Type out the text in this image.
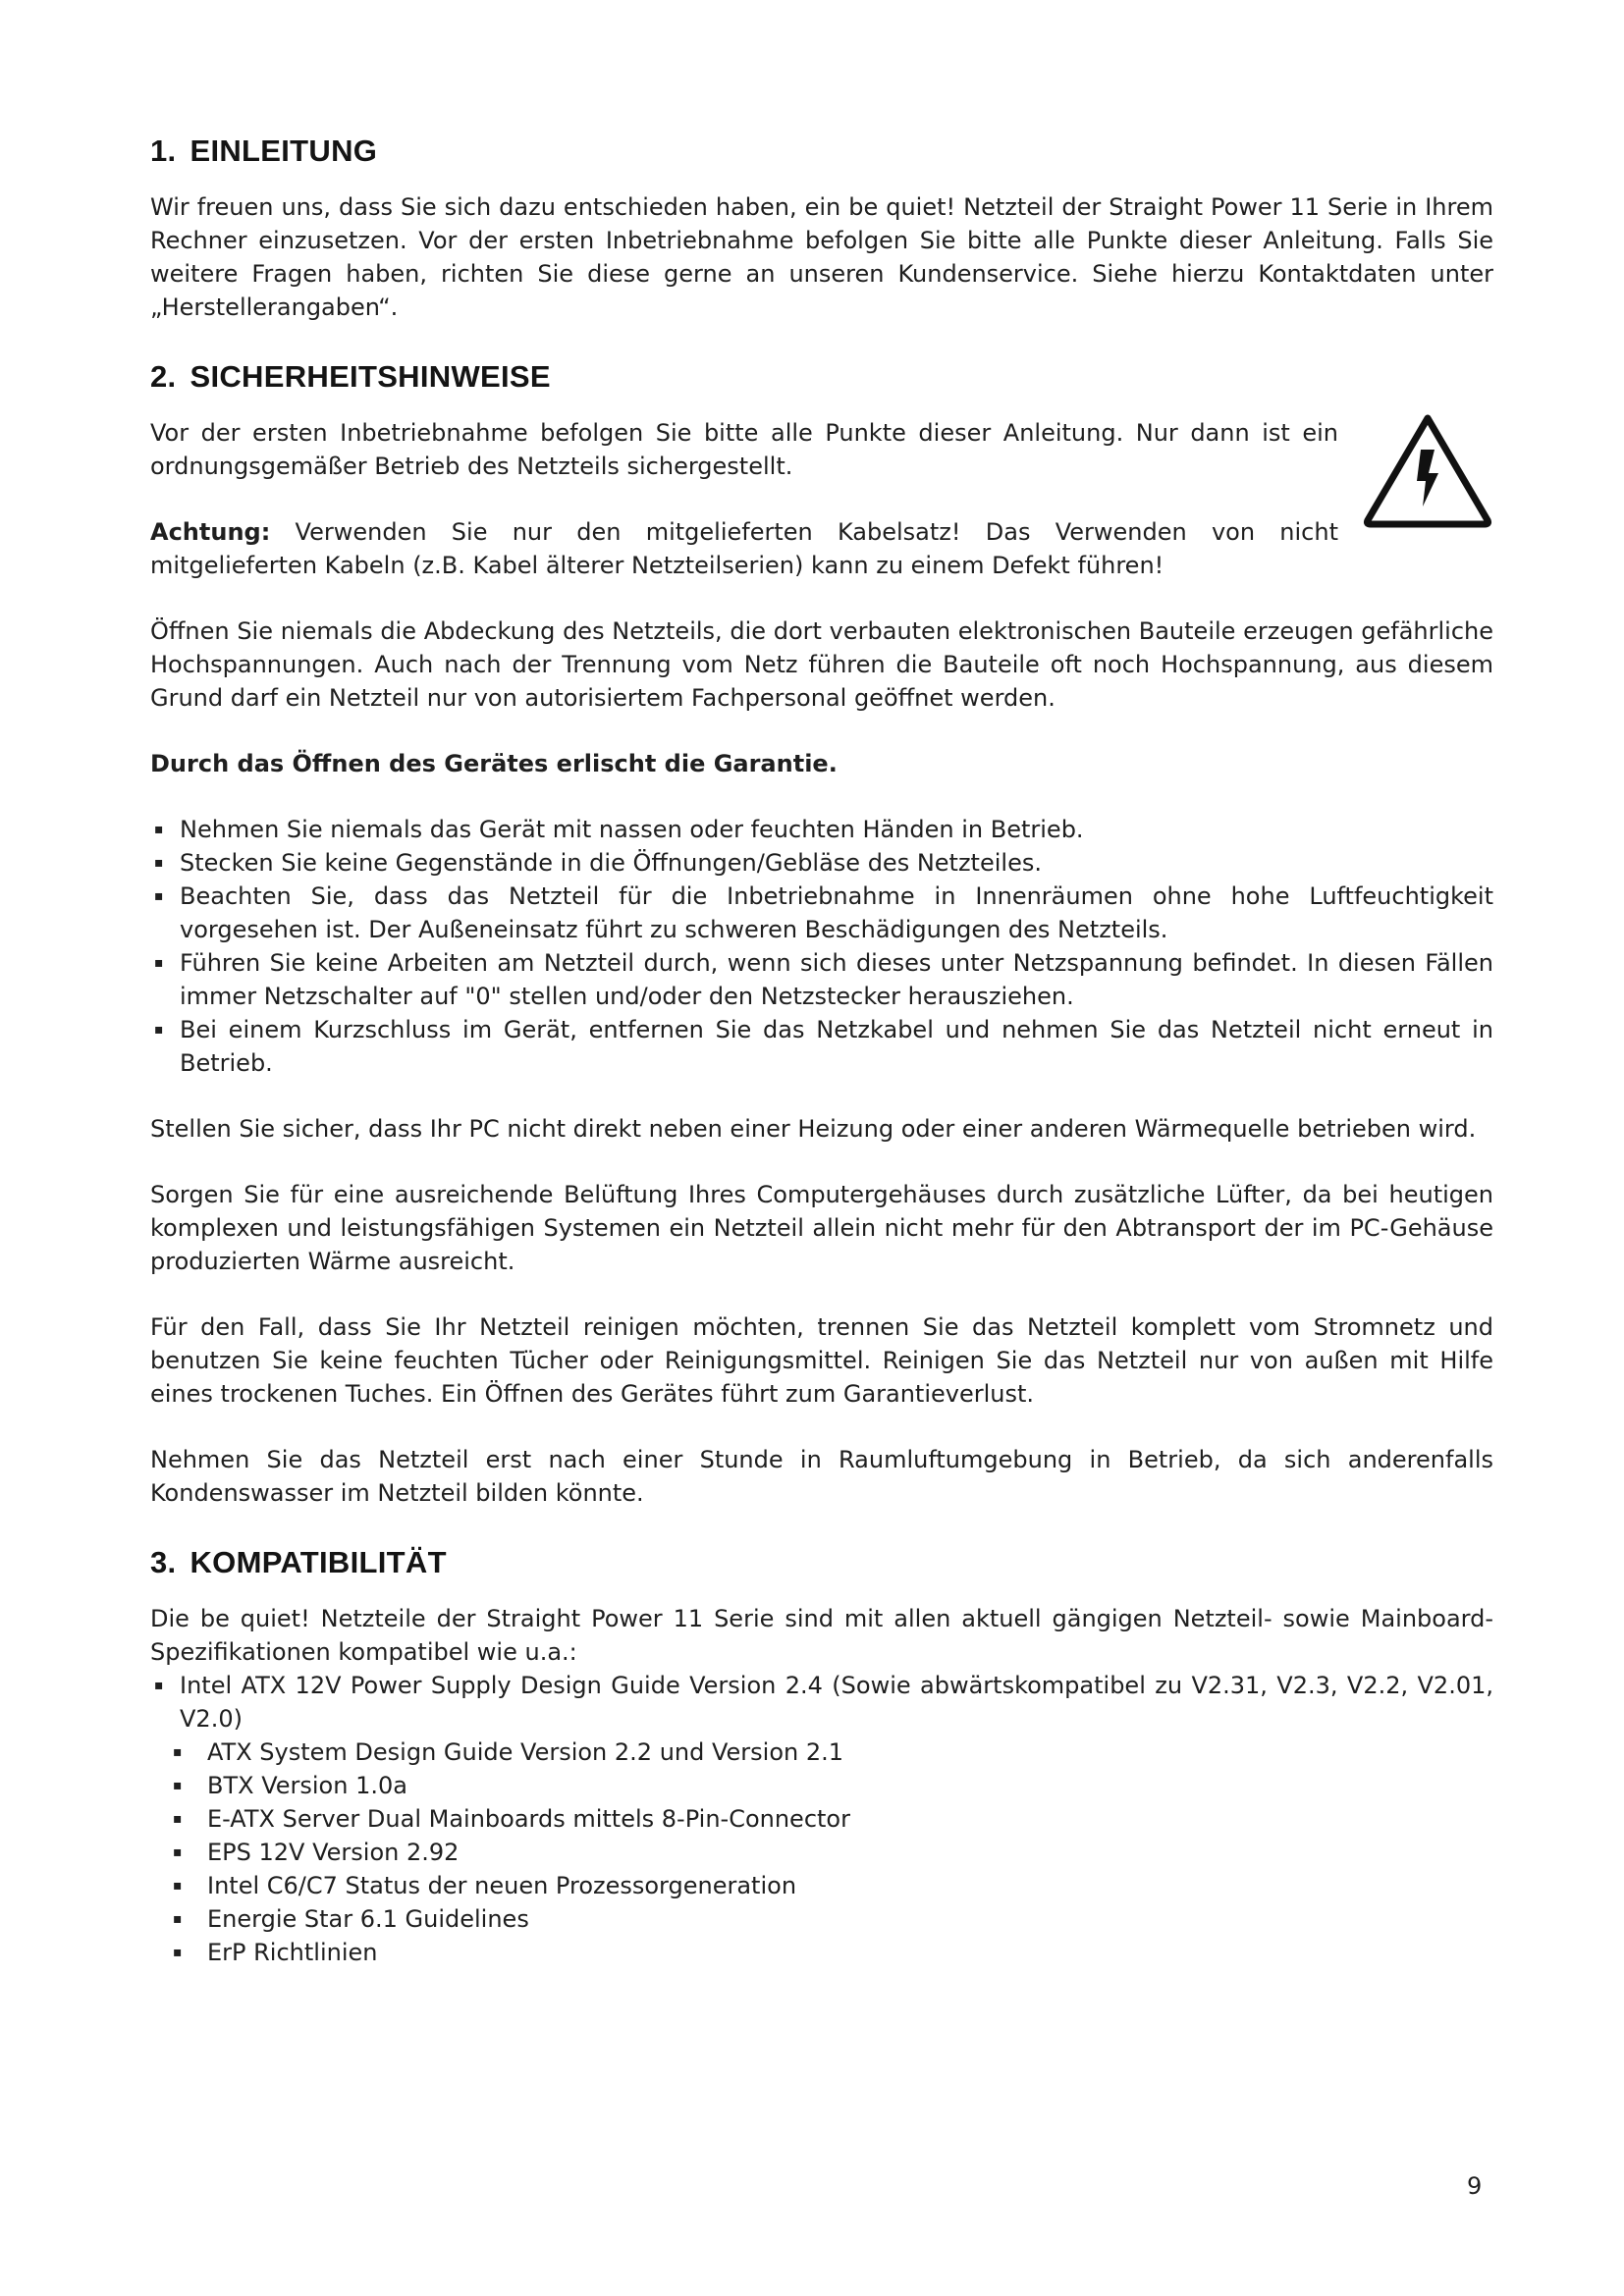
1. EINLEITUNG

Wir freuen uns, dass Sie sich dazu entschieden haben, ein be quiet! Netzteil der Straight Power 11 Serie in Ihrem Rechner einzusetzen. Vor der ersten Inbetriebnahme befolgen Sie bitte alle Punkte dieser Anleitung. Falls Sie weitere Fragen haben, richten Sie diese gerne an unseren Kundenservice. Siehe hierzu Kontaktdaten unter „Herstellerangaben“.

2. SICHERHEITSHINWEISE

Vor der ersten Inbetriebnahme befolgen Sie bitte alle Punkte dieser Anleitung. Nur dann ist ein ordnungsgemäßer Betrieb des Netzteils sichergestellt.

Achtung: Verwenden Sie nur den mitgelieferten Kabelsatz! Das Verwenden von nicht mitgelieferten Kabeln (z.B. Kabel älterer Netzteilserien) kann zu einem Defekt führen!

Öffnen Sie niemals die Abdeckung des Netzteils, die dort verbauten elektronischen Bauteile erzeugen gefährliche Hochspannungen. Auch nach der Trennung vom Netz führen die Bauteile oft noch Hochspannung, aus diesem Grund darf ein Netzteil nur von autorisiertem Fachpersonal geöffnet werden.

Durch das Öffnen des Gerätes erlischt die Garantie.

▪ Nehmen Sie niemals das Gerät mit nassen oder feuchten Händen in Betrieb.
▪ Stecken Sie keine Gegenstände in die Öffnungen/Gebläse des Netzteiles.
▪ Beachten Sie, dass das Netzteil für die Inbetriebnahme in Innenräumen ohne hohe Luftfeuchtigkeit vorgesehen ist. Der Außeneinsatz führt zu schweren Beschädigungen des Netzteils.
▪ Führen Sie keine Arbeiten am Netzteil durch, wenn sich dieses unter Netzspannung befindet. In diesen Fällen immer Netzschalter auf "0" stellen und/oder den Netzstecker herausziehen.
▪ Bei einem Kurzschluss im Gerät, entfernen Sie das Netzkabel und nehmen Sie das Netzteil nicht erneut in Betrieb.

Stellen Sie sicher, dass Ihr PC nicht direkt neben einer Heizung oder einer anderen Wärmequelle betrieben wird.

Sorgen Sie für eine ausreichende Belüftung Ihres Computergehäuses durch zusätzliche Lüfter, da bei heutigen komplexen und leistungsfähigen Systemen ein Netzteil allein nicht mehr für den Abtransport der im PC-Gehäuse produzierten Wärme ausreicht.

Für den Fall, dass Sie Ihr Netzteil reinigen möchten, trennen Sie das Netzteil komplett vom Stromnetz und benutzen Sie keine feuchten Tücher oder Reinigungsmittel. Reinigen Sie das Netzteil nur von außen mit Hilfe eines trockenen Tuches. Ein Öffnen des Gerätes führt zum Garantieverlust.

Nehmen Sie das Netzteil erst nach einer Stunde in Raumluftumgebung in Betrieb, da sich anderenfalls Kondenswasser im Netzteil bilden könnte.

3. KOMPATIBILITÄT

Die be quiet! Netzteile der Straight Power 11 Serie sind mit allen aktuell gängigen Netzteil- sowie Mainboard-Spezifikationen kompatibel wie u.a.:

▪ Intel ATX 12V Power Supply Design Guide Version 2.4 (Sowie abwärtskompatibel zu V2.31, V2.3, V2.2, V2.01, V2.0)
▪ ATX System Design Guide Version 2.2 und Version 2.1
▪ BTX Version 1.0a
▪ E-ATX Server Dual Mainboards mittels 8-Pin-Connector
▪ EPS 12V Version 2.92
▪ Intel C6/C7 Status der neuen Prozessorgeneration
▪ Energie Star 6.1 Guidelines
▪ ErP Richtlinien
9
